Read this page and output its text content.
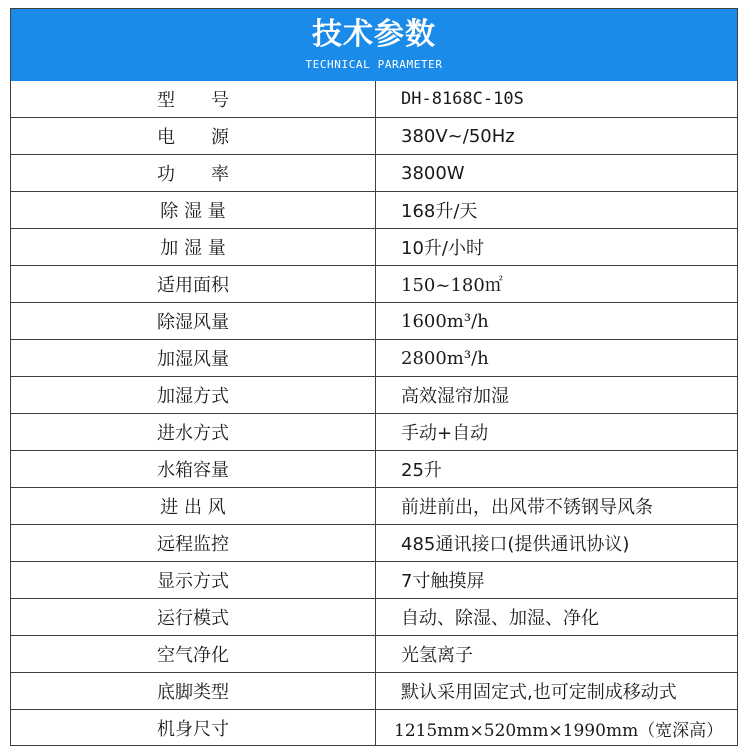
技术参数
TECHNICAL PARAMETER
型　　号	DH-8168C-10S
电　　源	380V~/50Hz
功　　率	3800W
除 湿 量	168升/天
加 湿 量	10升/小时
适用面积	150~180㎡
除湿风量	1600m³/h
加湿风量	2800m³/h
加湿方式	高效湿帘加湿
进水方式	手动+自动
水箱容量	25升
进 出 风	前进前出，出风带不锈钢导风条
远程监控	485通讯接口(提供通讯协议)
显示方式	7寸触摸屏
运行模式	自动、除湿、加湿、净化
空气净化	光氢离子
底脚类型	默认采用固定式,也可定制成移动式
机身尺寸	1215mm×520mm×1990mm（宽深高）
